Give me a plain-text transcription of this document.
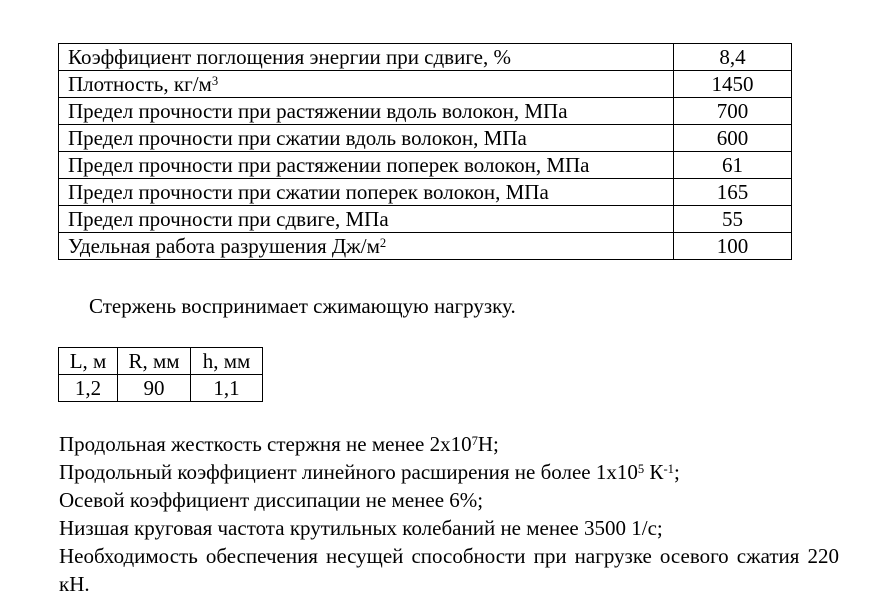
Коэффициент поглощения энергии при сдвиге, %	8,4
Плотность, $кг/м^3$	1450
Предел прочности при растяжении вдоль волокон, МПа	700
Предел прочности при сжатии вдоль волокон, МПа	600
Предел прочности при растяжении поперек волокон, МПа	61
Предел прочности при сжатии поперек волокон, МПа	165
Предел прочности при сдвиге, МПа	55
Удельная работа разрушения $Дж/м^2$	100
Стержень воспринимает сжимающую нагрузку.
L, м	R, мм	h, мм
1,2	90	1,1
Продольная жесткость стержня не менее $2х10^7Н$;
Продольный коэффициент линейного расширения не более $1х10^5$ $К^{-1}$;
Осевой коэффициент диссипации не менее 6%;
Низшая круговая частота крутильных колебаний не менее 3500 1/с;
Необходимость обеспечения несущей способности при нагрузке осевого сжатия 220 кН.
